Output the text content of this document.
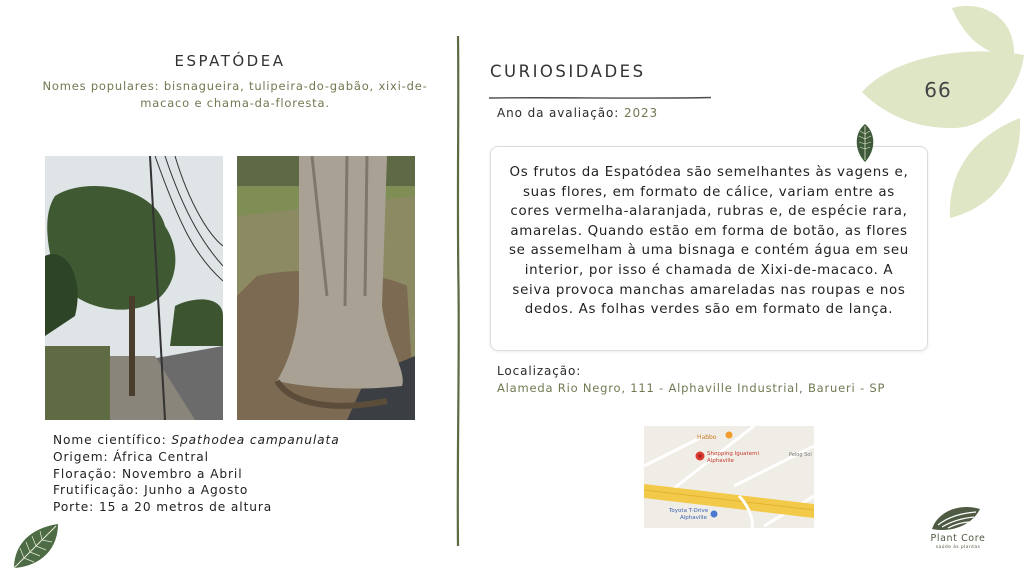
ESPATÓDEA
Nomes populares: bisnagueira, tulipeira-do-gabão, xixi-de-macaco e chama-da-floresta.
Nome científico: Spathodea campanulata
Origem: África Central
Floração: Novembro a Abril
Frutificação: Junho a Agosto
Porte: 15 a 20 metros de altura
CURIOSIDADES
Ano da avaliação: 2023
Os frutos da Espatódea são semelhantes às vagens e, suas flores, em formato de cálice, variam entre as cores vermelha-alaranjada, rubras e, de espécie rara, amarelas. Quando estão em forma de botão, as flores se assemelham à uma bisnaga e contém água em seu interior, por isso é chamada de Xixi-de-macaco. A seiva provoca manchas amareladas nas roupas e nos dedos. As folhas verdes são em formato de lança.
Localização:
Alameda Rio Negro, 111 - Alphaville Industrial, Barueri - SP
Habbo
Shopping Iguatemi
Alphaville
Pelog Sol
Toyota T-Drive
Alphaville
66
Plant Core
saúde às plantas
